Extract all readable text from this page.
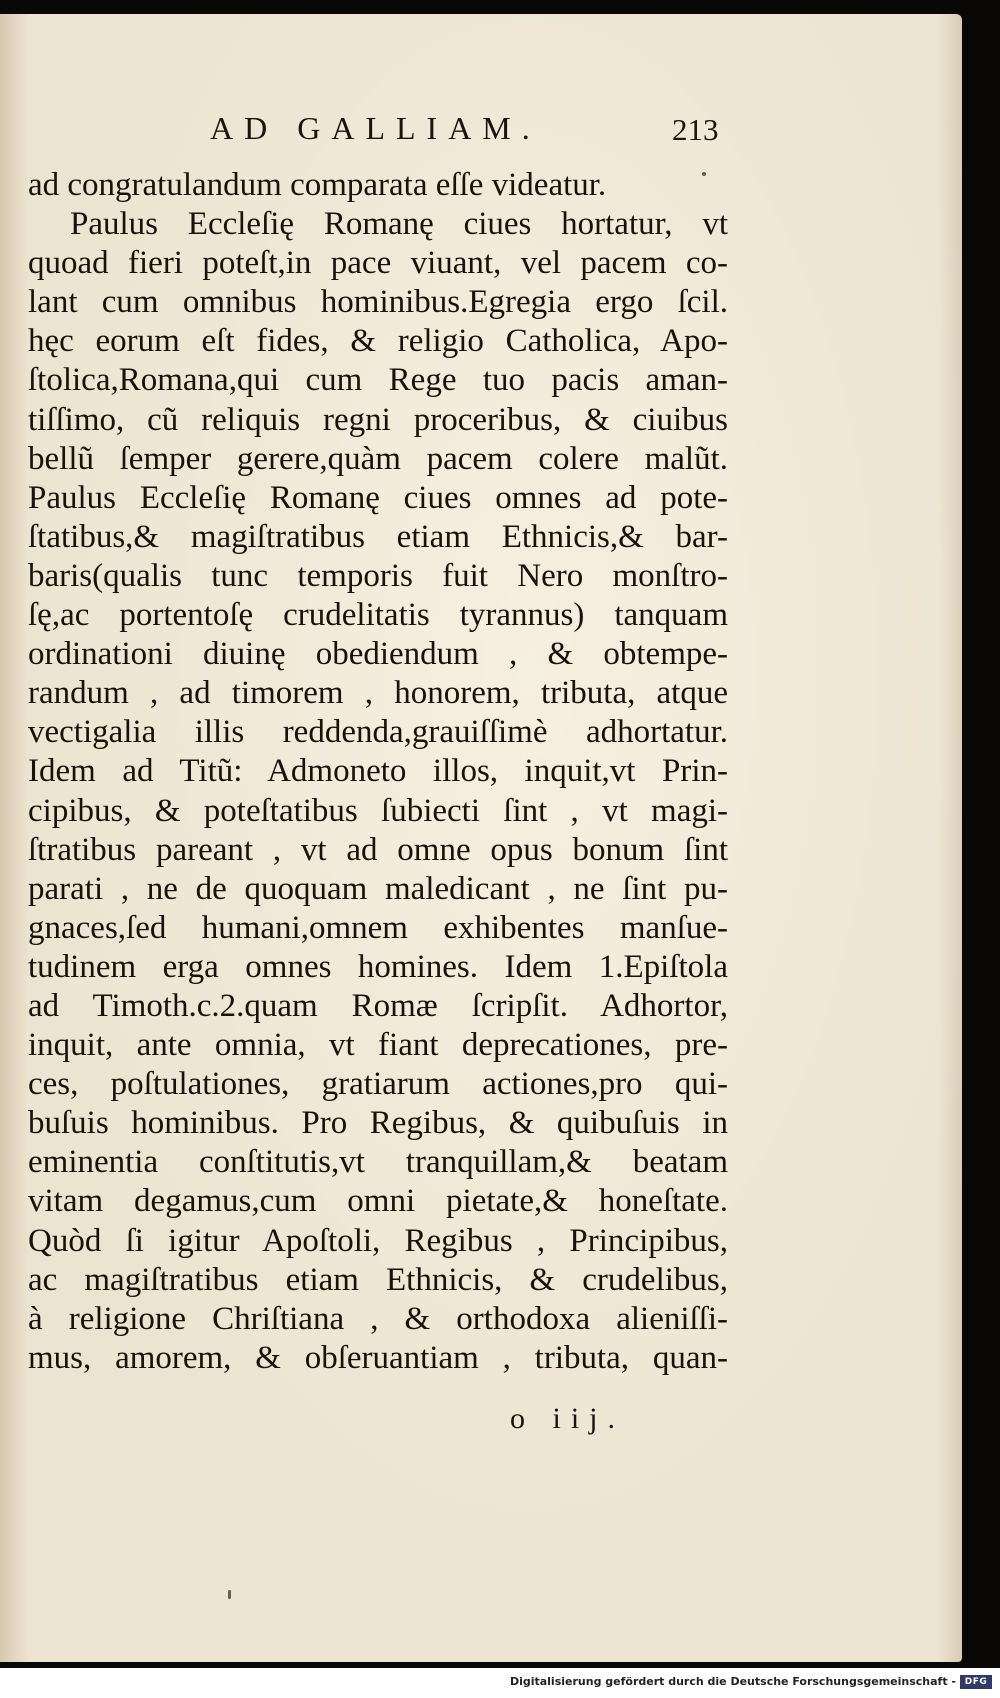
AD GALLIAM.	213
ad congratulandum comparata eſſe videatur.
Paulus Eccleſię Romanę ciues hortatur, vt
quoad fieri poteſt,in pace viuant, vel pacem co-
lant cum omnibus hominibus.Egregia ergo ſcil.
hęc eorum eſt fides, & religio Catholica, Apo-
ſtolica,Romana,qui cum Rege tuo pacis aman-
tiſſimo, cũ reliquis regni proceribus, & ciuibus
bellũ ſemper gerere,quàm pacem colere malũt.
Paulus Eccleſię Romanę ciues omnes ad pote-
ſtatibus,& magiſtratibus etiam Ethnicis,& bar-
baris(qualis tunc temporis fuit Nero monſtro-
ſę,ac portentoſę crudelitatis tyrannus) tanquam
ordinationi diuinę obediendum , & obtempe-
randum , ad timorem , honorem, tributa, atque
vectigalia illis reddenda,grauiſſimè adhortatur.
Idem ad Titũ: Admoneto illos, inquit,vt Prin-
cipibus, & poteſtatibus ſubiecti ſint , vt magi-
ſtratibus pareant , vt ad omne opus bonum ſint
parati , ne de quoquam maledicant , ne ſint pu-
gnaces,ſed humani,omnem exhibentes manſue-
tudinem erga omnes homines. Idem 1.Epiſtola
ad Timoth.c.2.quam Romæ ſcripſit. Adhortor,
inquit, ante omnia, vt fiant deprecationes, pre-
ces, poſtulationes, gratiarum actiones,pro qui-
buſuis hominibus. Pro Regibus, & quibuſuis in
eminentia conſtitutis,vt tranquillam,& beatam
vitam degamus,cum omni pietate,& honeſtate.
Quòd ſi igitur Apoſtoli, Regibus , Principibus,
ac magiſtratibus etiam Ethnicis, & crudelibus,
à religione Chriſtiana , & orthodoxa alieniſſi-
mus, amorem, & obſeruantiam , tributa, quan-
o iij.
Digitalisierung gefördert durch die Deutsche Forschungsgemeinschaft - DFG
